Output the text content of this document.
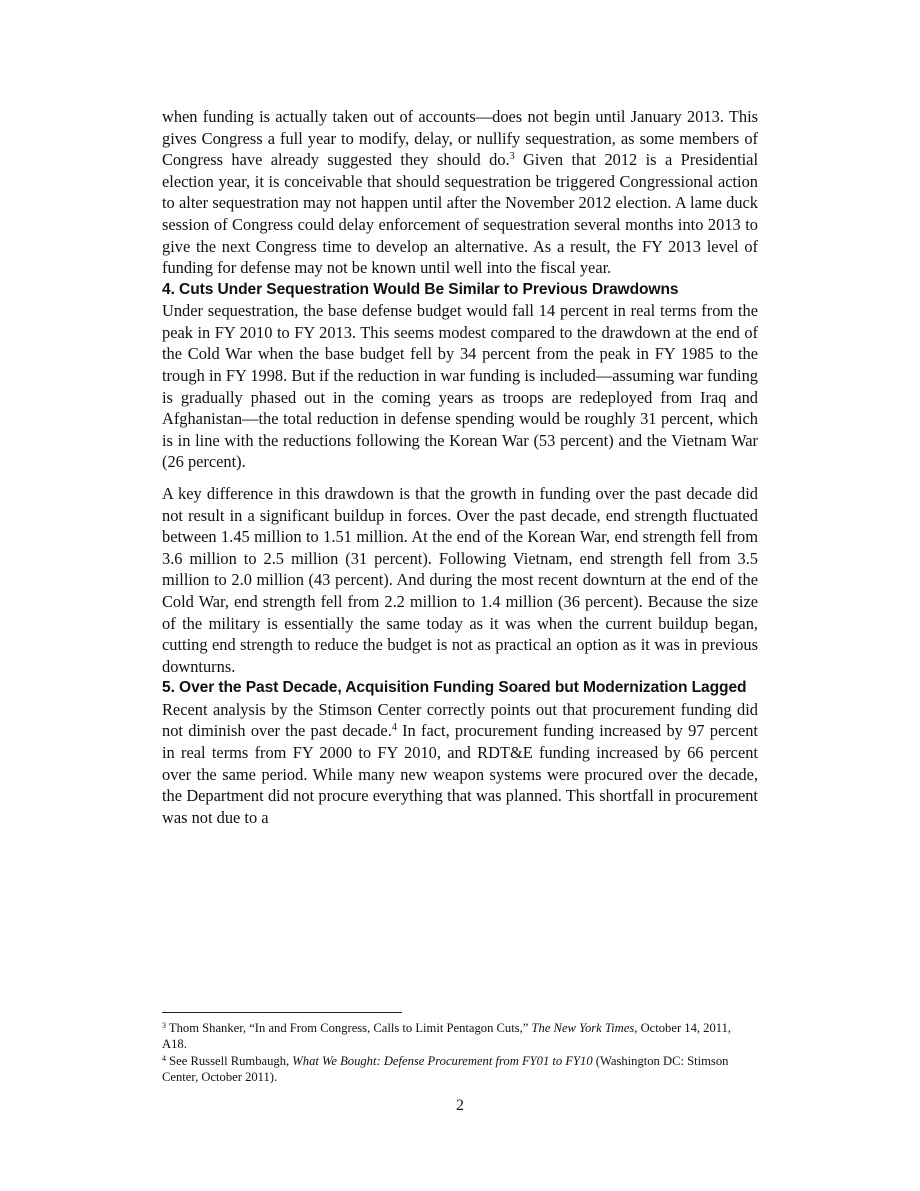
when funding is actually taken out of accounts—does not begin until January 2013. This gives Congress a full year to modify, delay, or nullify sequestration, as some members of Congress have already suggested they should do.$^3$ Given that 2012 is a Presidential election year, it is conceivable that should sequestration be triggered Congressional action to alter sequestration may not happen until after the November 2012 election. A lame duck session of Congress could delay enforcement of sequestration several months into 2013 to give the next Congress time to develop an alternative. As a result, the FY 2013 level of funding for defense may not be known until well into the fiscal year.

4. Cuts Under Sequestration Would Be Similar to Previous Drawdowns

Under sequestration, the base defense budget would fall 14 percent in real terms from the peak in FY 2010 to FY 2013. This seems modest compared to the drawdown at the end of the Cold War when the base budget fell by 34 percent from the peak in FY 1985 to the trough in FY 1998. But if the reduction in war funding is included—assuming war funding is gradually phased out in the coming years as troops are redeployed from Iraq and Afghanistan—the total reduction in defense spending would be roughly 31 percent, which is in line with the reductions following the Korean War (53 percent) and the Vietnam War (26 percent).

A key difference in this drawdown is that the growth in funding over the past decade did not result in a significant buildup in forces. Over the past decade, end strength fluctuated between 1.45 million to 1.51 million. At the end of the Korean War, end strength fell from 3.6 million to 2.5 million (31 percent). Following Vietnam, end strength fell from 3.5 million to 2.0 million (43 percent). And during the most recent downturn at the end of the Cold War, end strength fell from 2.2 million to 1.4 million (36 percent). Because the size of the military is essentially the same today as it was when the current buildup began, cutting end strength to reduce the budget is not as practical an option as it was in previous downturns.

5. Over the Past Decade, Acquisition Funding Soared but Modernization Lagged

Recent analysis by the Stimson Center correctly points out that procurement funding did not diminish over the past decade.$^4$ In fact, procurement funding increased by 97 percent in real terms from FY 2000 to FY 2010, and RDT&E funding increased by 66 percent over the same period. While many new weapon systems were procured over the decade, the Department did not procure everything that was planned. This shortfall in procurement was not due to a

$^3$ Thom Shanker, “In and From Congress, Calls to Limit Pentagon Cuts,” The New York Times, October 14, 2011, A18.

$^4$ See Russell Rumbaugh, What We Bought: Defense Procurement from FY01 to FY10 (Washington DC: Stimson Center, October 2011).

2
